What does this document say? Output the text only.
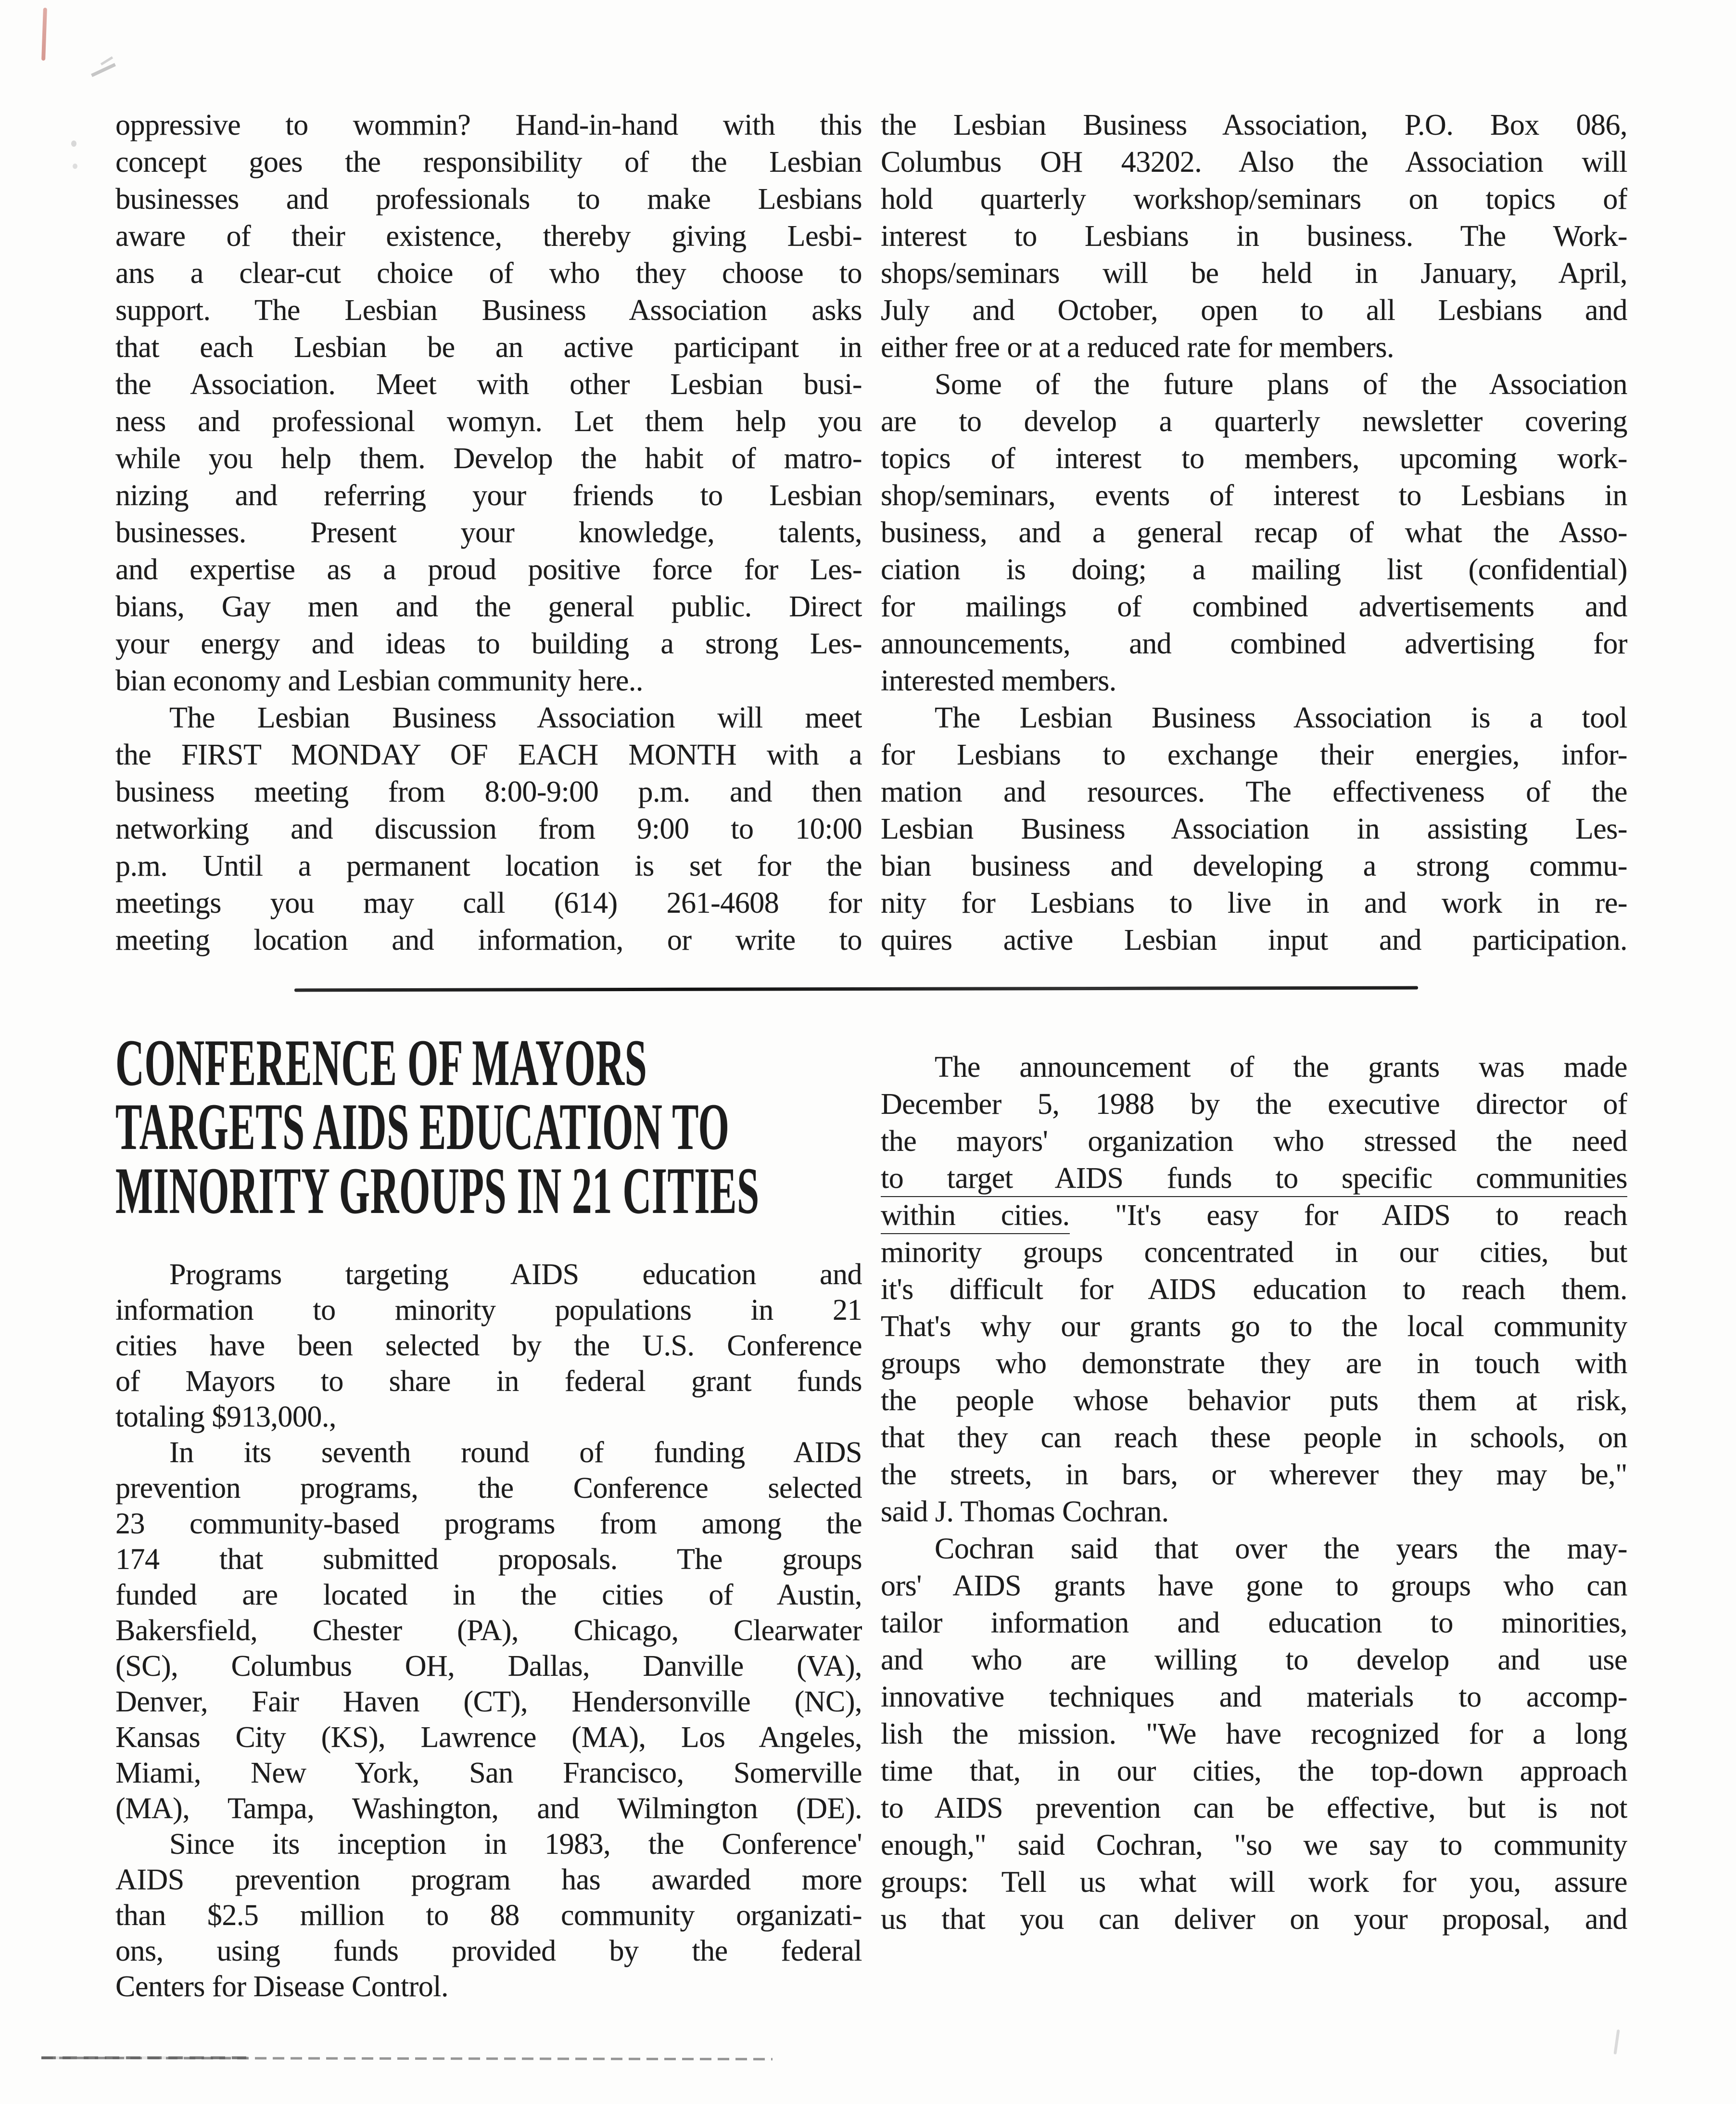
oppressive to wommin? Hand-in-hand with this
concept goes the responsibility of the Lesbian
businesses and professionals to make Lesbians
aware of their existence, thereby giving Lesbi-
ans a clear-cut choice of who they choose to
support. The Lesbian Business Association asks
that each Lesbian be an active participant in
the Association. Meet with other Lesbian busi-
ness and professional womyn. Let them help you
while you help them. Develop the habit of matro-
nizing and referring your friends to Lesbian
businesses. Present your knowledge, talents,
and expertise as a proud positive force for Les-
bians, Gay men and the general public. Direct
your energy and ideas to building a strong Les-
bian economy and Lesbian community here..
The Lesbian Business Association will meet
the FIRST MONDAY OF EACH MONTH with a
business meeting from 8:00-9:00 p.m. and then
networking and discussion from 9:00 to 10:00
p.m. Until a permanent location is set for the
meetings you may call (614) 261-4608 for
meeting location and information, or write to
the Lesbian Business Association, P.O. Box 086,
Columbus OH 43202. Also the Association will
hold quarterly workshop/seminars on topics of
interest to Lesbians in business. The Work-
shops/seminars will be held in January, April,
July and October, open to all Lesbians and
either free or at a reduced rate for members.
Some of the future plans of the Association
are to develop a quarterly newsletter covering
topics of interest to members, upcoming work-
shop/seminars, events of interest to Lesbians in
business, and a general recap of what the Asso-
ciation is doing; a mailing list (confidential)
for mailings of combined advertisements and
announcements, and combined advertising for
interested members.
The Lesbian Business Association is a tool
for Lesbians to exchange their energies, infor-
mation and resources. The effectiveness of the
Lesbian Business Association in assisting Les-
bian business and developing a strong commu-
nity for Lesbians to live in and work in re-
quires active Lesbian input and participation.
CONFERENCE OF MAYORS
TARGETS AIDS EDUCATION TO
MINORITY GROUPS IN 21 CITIES
Programs targeting AIDS education and
information to minority populations in 21
cities have been selected by the U.S. Conference
of Mayors to share in federal grant funds
totaling $913,000.,
In its seventh round of funding AIDS
prevention programs, the Conference selected
23 community-based programs from among the
174 that submitted proposals. The groups
funded are located in the cities of Austin,
Bakersfield, Chester (PA), Chicago, Clearwater
(SC), Columbus OH, Dallas, Danville (VA),
Denver, Fair Haven (CT), Hendersonville (NC),
Kansas City (KS), Lawrence (MA), Los Angeles,
Miami, New York, San Francisco, Somerville
(MA), Tampa, Washington, and Wilmington (DE).
Since its inception in 1983, the Conference'
AIDS prevention program has awarded more
than $2.5 million to 88 community organizati-
ons, using funds provided by the federal
Centers for Disease Control.
The announcement of the grants was made
December 5, 1988 by the executive director of
the mayors' organization who stressed the need
to target AIDS funds to specific communities
within cities. "It's easy for AIDS to reach
minority groups concentrated in our cities, but
it's difficult for AIDS education to reach them.
That's why our grants go to the local community
groups who demonstrate they are in touch with
the people whose behavior puts them at risk,
that they can reach these people in schools, on
the streets, in bars, or wherever they may be,"
said J. Thomas Cochran.
Cochran said that over the years the may-
ors' AIDS grants have gone to groups who can
tailor information and education to minorities,
and who are willing to develop and use
innovative techniques and materials to accomp-
lish the mission. "We have recognized for a long
time that, in our cities, the top-down approach
to AIDS prevention can be effective, but is not
enough," said Cochran, "so we say to community
groups: Tell us what will work for you, assure
us that you can deliver on your proposal, and
